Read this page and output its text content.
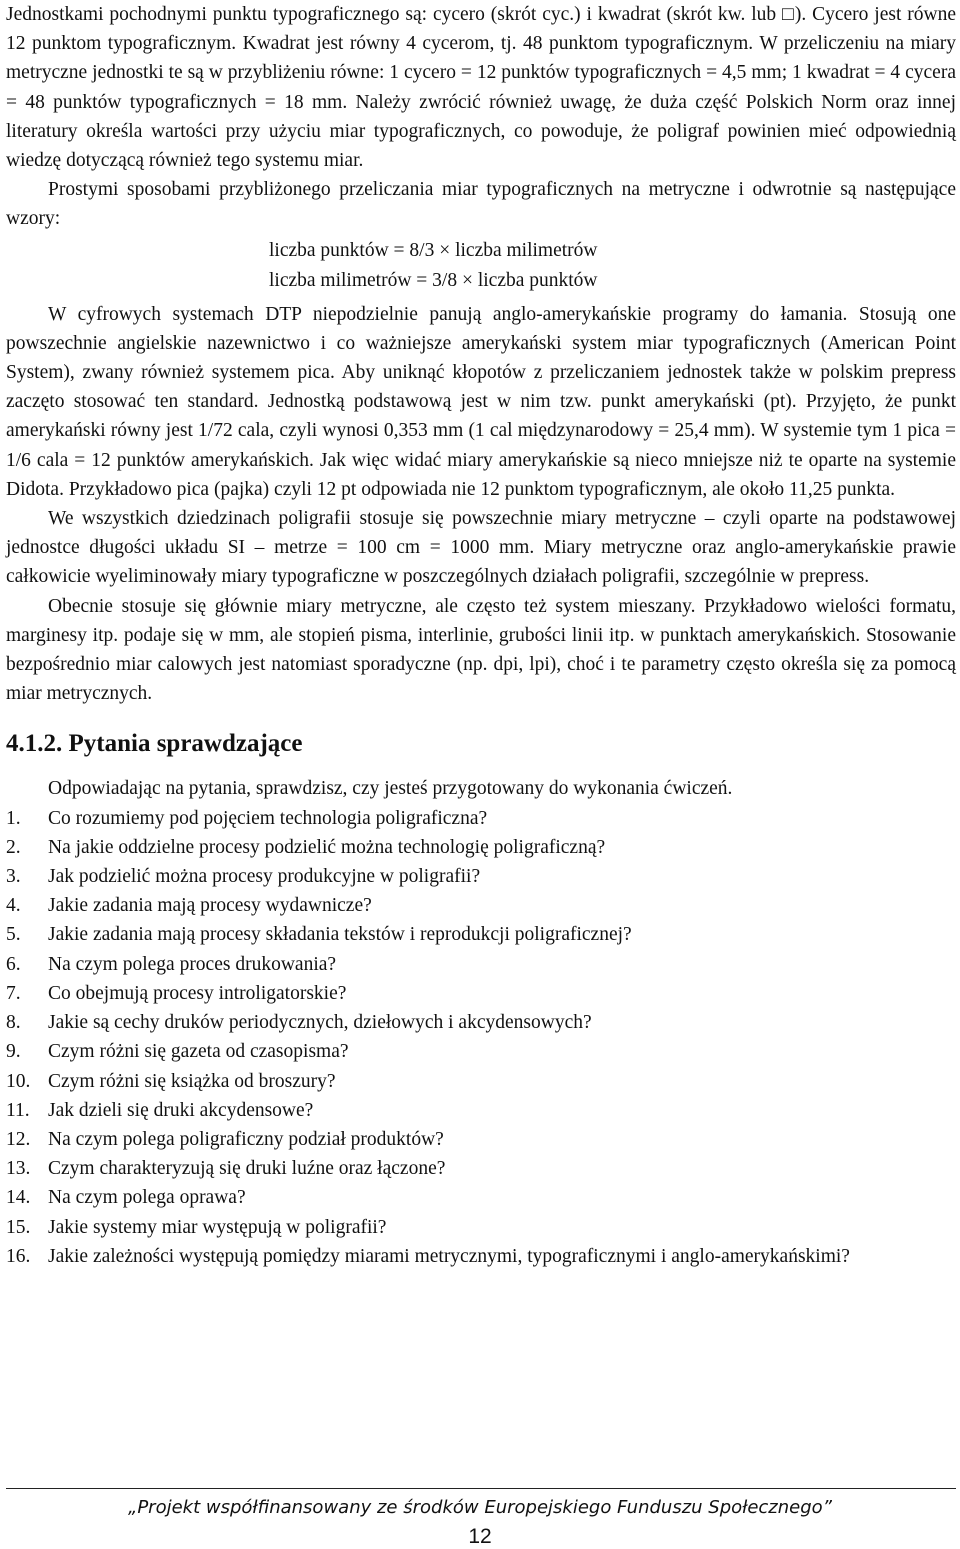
Jednostkami pochodnymi punktu typograficznego są: cycero (skrót cyc.) i kwadrat (skrót kw. lub □). Cycero jest równe 12 punktom typograficznym. Kwadrat jest równy 4 cycerom, tj. 48 punktom typograficznym. W przeliczeniu na miary metryczne jednostki te są w przybliżeniu równe: 1 cycero = 12 punktów typograficznych = 4,5 mm; 1 kwadrat = 4 cycera = 48 punktów typograficznych = 18 mm. Należy zwrócić również uwagę, że duża część Polskich Norm oraz innej literatury określa wartości przy użyciu miar typograficznych, co powoduje, że poligraf powinien mieć odpowiednią wiedzę dotyczącą również tego systemu miar.

Prostymi sposobami przybliżonego przeliczania miar typograficznych na metryczne i odwrotnie są następujące wzory:

liczba punktów = 8/3 × liczba milimetrów
liczba milimetrów = 3/8 × liczba punktów

W cyfrowych systemach DTP niepodzielnie panują anglo-amerykańskie programy do łamania. Stosują one powszechnie angielskie nazewnictwo i co ważniejsze amerykański system miar typograficznych (American Point System), zwany również systemem pica. Aby uniknąć kłopotów z przeliczaniem jednostek także w polskim prepress zaczęto stosować ten standard. Jednostką podstawową jest w nim tzw. punkt amerykański (pt). Przyjęto, że punkt amerykański równy jest 1/72 cala, czyli wynosi 0,353 mm (1 cal międzynarodowy = 25,4 mm). W systemie tym 1 pica = 1/6 cala = 12 punktów amerykańskich. Jak więc widać miary amerykańskie są nieco mniejsze niż te oparte na systemie Didota. Przykładowo pica (pajka) czyli 12 pt odpowiada nie 12 punktom typograficznym, ale około 11,25 punkta.

We wszystkich dziedzinach poligrafii stosuje się powszechnie miary metryczne – czyli oparte na podstawowej jednostce długości układu SI – metrze = 100 cm = 1000 mm. Miary metryczne oraz anglo-amerykańskie prawie całkowicie wyeliminowały miary typograficzne w poszczególnych działach poligrafii, szczególnie w prepress.

Obecnie stosuje się głównie miary metryczne, ale często też system mieszany. Przykładowo wielości formatu, marginesy itp. podaje się w mm, ale stopień pisma, interlinie, grubości linii itp. w punktach amerykańskich. Stosowanie bezpośrednio miar calowych jest natomiast sporadyczne (np. dpi, lpi), choć i te parametry często określa się za pomocą miar metrycznych.

4.1.2. Pytania sprawdzające

Odpowiadając na pytania, sprawdzisz, czy jesteś przygotowany do wykonania ćwiczeń.

1.	Co rozumiemy pod pojęciem technologia poligraficzna?
2.	Na jakie oddzielne procesy podzielić można technologię poligraficzną?
3.	Jak podzielić można procesy produkcyjne w poligrafii?
4.	Jakie zadania mają procesy wydawnicze?
5.	Jakie zadania mają procesy składania tekstów i reprodukcji poligraficznej?
6.	Na czym polega proces drukowania?
7.	Co obejmują procesy introligatorskie?
8.	Jakie są cechy druków periodycznych, dziełowych i akcydensowych?
9.	Czym różni się gazeta od czasopisma?
10. Czym różni się książka od broszury?
11. Jak dzieli się druki akcydensowe?
12. Na czym polega poligraficzny podział produktów?
13. Czym charakteryzują się druki luźne oraz łączone?
14. Na czym polega oprawa?
15. Jakie systemy miar występują w poligrafii?
16. Jakie zależności występują pomiędzy miarami metrycznymi, typograficznymi i anglo-amerykańskimi?
„Projekt współfinansowany ze środków Europejskiego Funduszu Społecznego”
12
